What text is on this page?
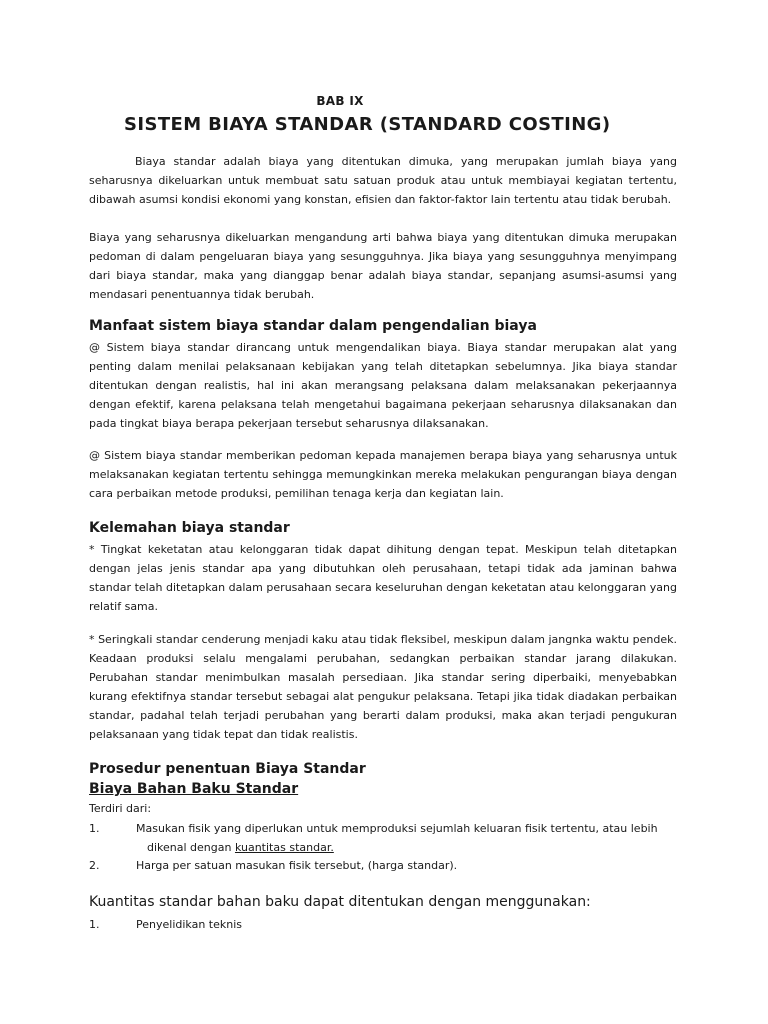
BAB IX
SISTEM BIAYA STANDAR (STANDARD COSTING)
Biaya standar adalah biaya yang ditentukan dimuka, yang merupakan jumlah biaya yang seharusnya dikeluarkan untuk membuat satu satuan produk atau untuk membiayai kegiatan tertentu, dibawah asumsi kondisi ekonomi yang konstan, efisien dan faktor-faktor lain tertentu atau tidak berubah.
Biaya yang seharusnya dikeluarkan mengandung arti bahwa biaya yang ditentukan dimuka merupakan pedoman di dalam pengeluaran biaya yang sesungguhnya. Jika biaya yang sesungguhnya menyimpang dari biaya standar, maka yang dianggap benar adalah biaya standar, sepanjang asumsi-asumsi yang mendasari penentuannya tidak berubah.
Manfaat sistem biaya standar dalam pengendalian biaya
@ Sistem biaya standar dirancang untuk mengendalikan biaya. Biaya standar merupakan alat yang penting dalam menilai pelaksanaan kebijakan yang telah ditetapkan sebelumnya. Jika biaya standar ditentukan dengan realistis, hal ini akan merangsang pelaksana dalam melaksanakan pekerjaannya dengan efektif, karena pelaksana telah mengetahui bagaimana pekerjaan seharusnya dilaksanakan dan pada tingkat biaya berapa pekerjaan tersebut seharusnya dilaksanakan.
@ Sistem biaya standar memberikan pedoman kepada manajemen berapa biaya yang seharusnya untuk melaksanakan kegiatan tertentu sehingga memungkinkan mereka melakukan pengurangan biaya dengan cara perbaikan metode produksi, pemilihan tenaga kerja dan kegiatan lain.
Kelemahan biaya standar
* Tingkat keketatan atau kelonggaran tidak dapat dihitung dengan tepat. Meskipun telah ditetapkan dengan jelas jenis standar apa yang dibutuhkan oleh perusahaan, tetapi tidak ada jaminan bahwa standar telah ditetapkan dalam perusahaan secara keseluruhan dengan keketatan atau kelonggaran yang relatif sama.
* Seringkali standar cenderung menjadi kaku atau tidak fleksibel, meskipun dalam jangnka waktu pendek. Keadaan produksi selalu mengalami perubahan, sedangkan perbaikan standar jarang dilakukan. Perubahan standar menimbulkan masalah persediaan. Jika standar sering diperbaiki, menyebabkan kurang efektifnya standar tersebut sebagai alat pengukur pelaksana. Tetapi jika tidak diadakan perbaikan standar, padahal telah terjadi perubahan yang berarti dalam produksi, maka akan terjadi pengukuran pelaksanaan yang tidak tepat dan tidak realistis.
Prosedur penentuan Biaya Standar
Biaya Bahan Baku Standar
Terdiri dari:
1.	Masukan fisik yang diperlukan untuk memproduksi sejumlah keluaran fisik tertentu, atau lebih
dikenal dengan kuantitas standar.
2.	Harga per satuan masukan fisik tersebut, (harga standar).
Kuantitas standar bahan baku dapat ditentukan dengan menggunakan:
1.	Penyelidikan teknis
